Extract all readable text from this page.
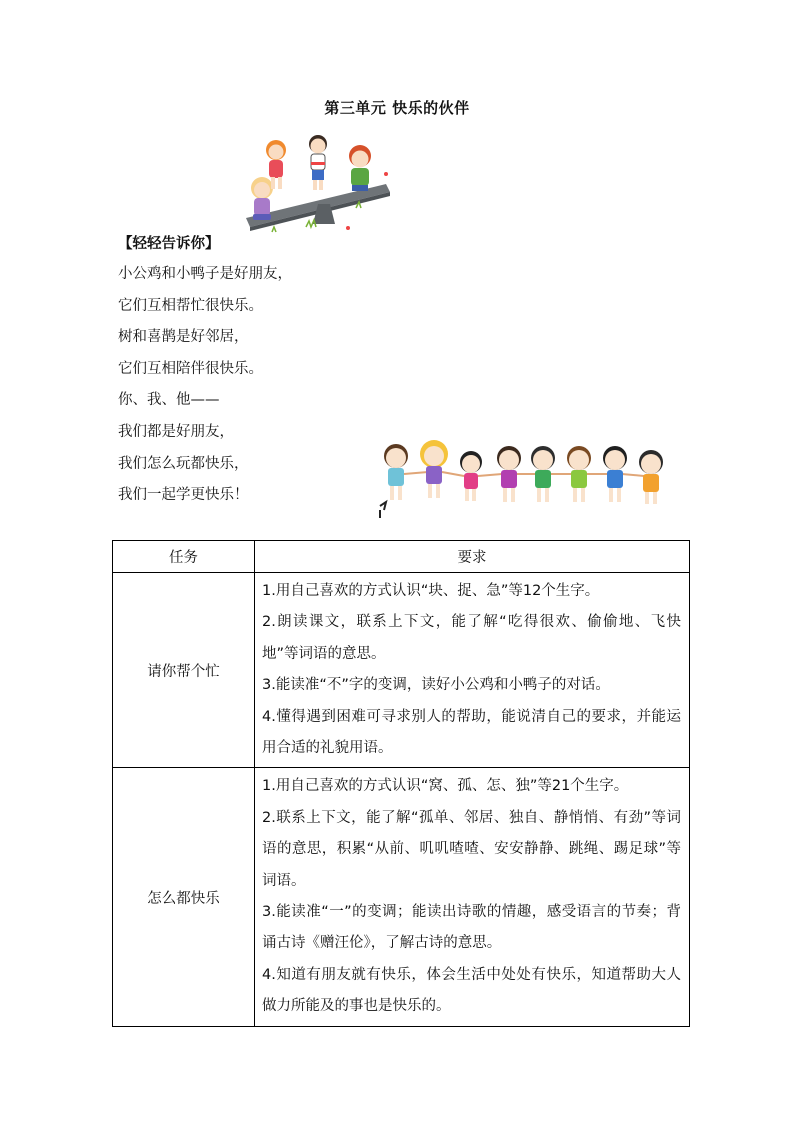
第三单元 快乐的伙伴
【轻轻告诉你】
小公鸡和小鸭子是好朋友，
它们互相帮忙很快乐。
树和喜鹊是好邻居，
它们互相陪伴很快乐。
你、我、他——
我们都是好朋友，
我们怎么玩都快乐，
我们一起学更快乐！
任务	要求
请你帮个忙	1.用自己喜欢的方式认识“块、捉、急”等12个生字。
2.朗读课文，联系上下文，能了解“吃得很欢、偷偷地、飞快地”等词语的意思。
3.能读准“不”字的变调，读好小公鸡和小鸭子的对话。
4.懂得遇到困难可寻求别人的帮助，能说清自己的要求，并能运用合适的礼貌用语。

怎么都快乐	1.用自己喜欢的方式认识“窝、孤、怎、独”等21个生字。
2.联系上下文，能了解“孤单、邻居、独自、静悄悄、有劲”等词语的意思，积累“从前、叽叽喳喳、安安静静、跳绳、踢足球”等词语。
3.能读准“一”的变调；能读出诗歌的情趣，感受语言的节奏；背诵古诗《赠汪伦》，了解古诗的意思。
4.知道有朋友就有快乐，体会生活中处处有快乐，知道帮助大人做力所能及的事也是快乐的。
